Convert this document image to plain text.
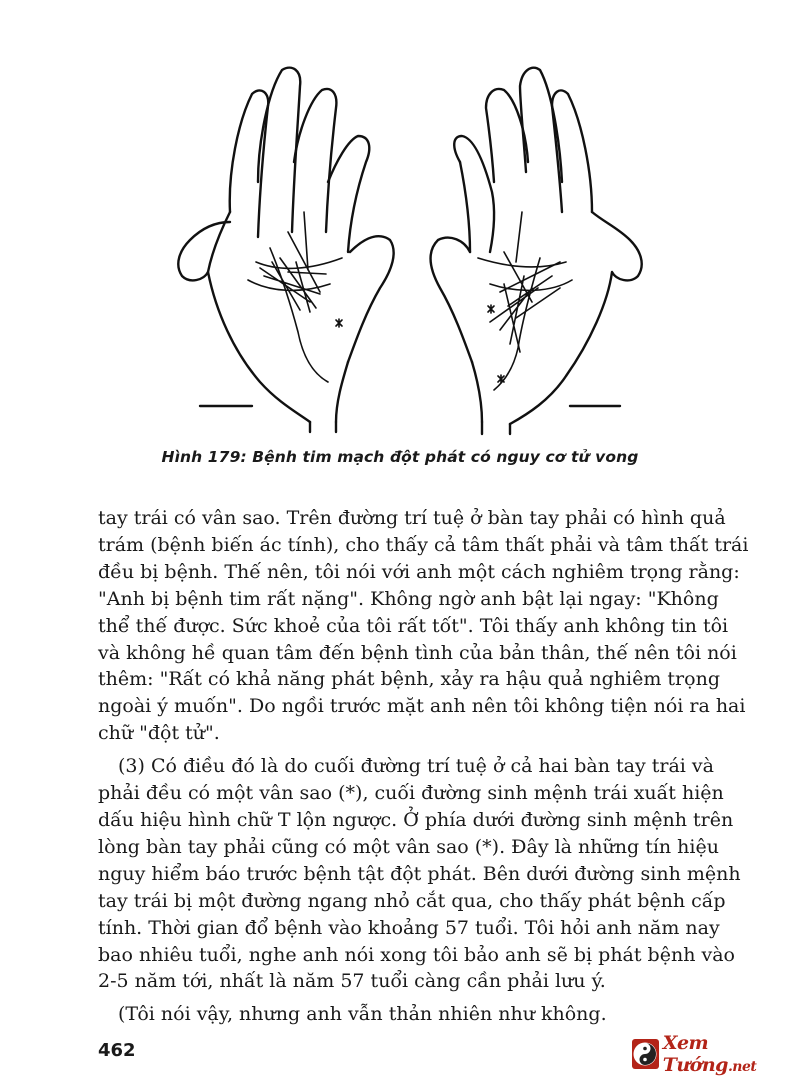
Hình 179: Bệnh tim mạch đột phát có nguy cơ tử vong

tay trái có vân sao. Trên đường trí tuệ ở bàn tay phải có hình quả
trám (bệnh biến ác tính), cho thấy cả tâm thất phải và tâm thất trái
đều bị bệnh. Thế nên, tôi nói với anh một cách nghiêm trọng rằng:
"Anh bị bệnh tim rất nặng". Không ngờ anh bật lại ngay: "Không
thể thế được. Sức khoẻ của tôi rất tốt". Tôi thấy anh không tin tôi
và không hề quan tâm đến bệnh tình của bản thân, thế nên tôi nói
thêm: "Rất có khả năng phát bệnh, xảy ra hậu quả nghiêm trọng
ngoài ý muốn". Do ngồi trước mặt anh nên tôi không tiện nói ra hai
chữ "đột tử".

(3) Có điều đó là do cuối đường trí tuệ ở cả hai bàn tay trái và
phải đều có một vân sao (*), cuối đường sinh mệnh trái xuất hiện
dấu hiệu hình chữ T lộn ngược. Ở phía dưới đường sinh mệnh trên
lòng bàn tay phải cũng có một vân sao (*). Đây là những tín hiệu
nguy hiểm báo trước bệnh tật đột phát. Bên dưới đường sinh mệnh
tay trái bị một đường ngang nhỏ cắt qua, cho thấy phát bệnh cấp
tính. Thời gian đổ bệnh vào khoảng 57 tuổi. Tôi hỏi anh năm nay
bao nhiêu tuổi, nghe anh nói xong tôi bảo anh sẽ bị phát bệnh vào
2-5 năm tới, nhất là năm 57 tuổi càng cần phải lưu ý.

(Tôi nói vậy, nhưng anh vẫn thản nhiên như không.

462	Xem Tướng.net
